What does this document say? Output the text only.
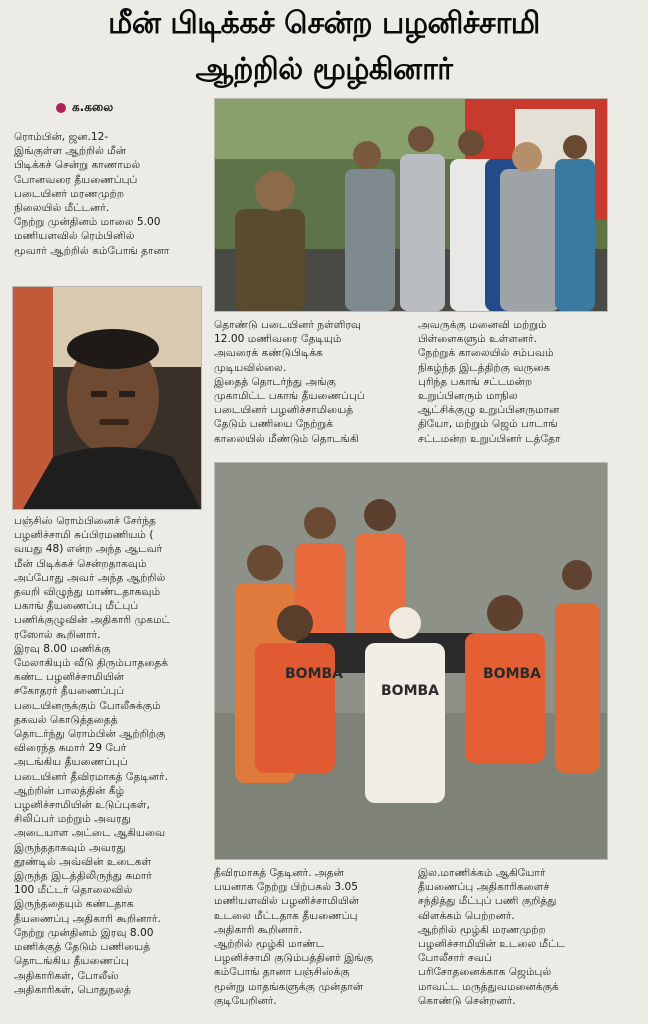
மீன் பிடிக்கச் சென்ற பழனிச்சாமி
ஆற்றில் மூழ்கினார்
க.கலை
BOMBA
BOMBA
BOMBA
ரொம்பின், ஜன.12-
இங்குள்ள ஆற்றில் மீன்
பிடிக்கச் சென்று காணாமல்
போனவரை தீயணைப்புப்
படையினர் மரணமுற்ற
நிலையில் மீட்டனர்.
நேற்று முன்தினம் மாலை 5.00
மணியளவில் ரெம்பினில்
மூவார் ஆற்றில் கம்போங் தானா
பஞ்சிஸ் ரொம்பினைச் சேர்ந்த
பழனிச்சாமி சுப்பிரமணியம் (
வயது 48) என்ற அந்த ஆடவர்
மீன் பிடிக்கச் சென்றதாகவும்
அப்போது அவர் அந்த ஆற்றில்
தவறி விழுந்து மாண்டதாகவும்
பகாங் தீயணைப்பு மீட்புப்
பணிக்குழுவின் அதிகாரி முகமட்
ரஸோல் கூறினார்.
இரவு 8.00 மணிக்கு
மேலாகியும் வீடு திரும்பாததைக்
கண்ட பழனிச்சாமியின்
சகோதரர் தீயணைப்புப்
படையினருக்கும் போலீசுக்கும்
தகவல் கொடுத்ததைத்
தொடர்ந்து ரொம்பின் ஆற்றிற்கு
விரைந்த சுமார் 29 பேர்
அடங்கிய தீயணைப்புப்
படையினர் தீவிரமாகத் தேடினர்.
ஆற்றின் பாலத்தின் கீழ்
பழனிச்சாமியின் உடுப்புகள்,
சிலிப்பர் மற்றும் அவரது
அடையாள அட்டை ஆகியவை
இருந்ததாகவும் அவரது
தூண்டில் அவ்வின் உடைகள்
இருந்த இடத்திலிருந்து சுமார்
100 மீட்டர் தொலைவில்
இருந்ததையும் கண்டதாக
தீயணைப்பு அதிகாரி கூறினார்.
நேற்று முன்தினம் இரவு 8.00
மணிக்குத் தேடும் பணியைத்
தொடங்கிய தீயணைப்பு
அதிகாரிகள், போலீஸ்
அதிகாரிகள், பொதுநலத்
தொண்டு படையினர் நள்ளிரவு
12.00 மணிவரை தேடியும்
அவரைக் கண்டுபிடிக்க
முடியவில்லை.
இதைத் தொடர்ந்து அங்கு
முகாமிட்ட பகாங் தீயணைப்புப்
படையினர் பழனிச்சாமியைத்
தேடும் பணியை நேற்றுக்
காலையில் மீண்டும் தொடங்கி
அவருக்கு மனைவி மற்றும்
பிள்ளைகளும் உள்ளனர்.
நேற்றுக் காலையில் சம்பவம்
நிகழ்ந்த இடத்திற்கு வருகை
புரிந்த பகாங் சட்டமன்ற
உறுப்பினரும் மாநில
ஆட்சிக்குழு உறுப்பினருமான
தியோ, மற்றும் ஜெம் பாடாங்
சட்டமன்ற உறுப்பினர் டத்தோ
தீவிரமாகத் தேடினர். அதன்
பயனாக நேற்று பிற்பகல் 3.05
மணியளவில் பழனிச்சாமியின்
உடலை மீட்டதாக தீயணைப்பு
அதிகாரி கூறினார்.
ஆற்றில் மூழ்கி மாண்ட
பழனிச்சாமி குடும்பத்தினர் இங்கு
கம்போங் தானா பஞ்சிஸ்க்கு
மூன்று மாதங்களுக்கு முன்தான்
குடியேறினர்.
இல.மாணிக்கம் ஆகியோர்
தீயணைப்பு அதிகாரிகளைச்
சந்தித்து மீட்புப் பணி குறித்து
விளக்கம் பெற்றனர்.
ஆற்றில் மூழ்கி மரணமுற்ற
பழனிச்சாமியின் உடலை மீட்ட
போலீசார் சவப்
பரிசோதனைக்காக ஜெம்புல்
மாவட்ட மருத்துவமனைக்குக்
கொண்டு சென்றனர்.
